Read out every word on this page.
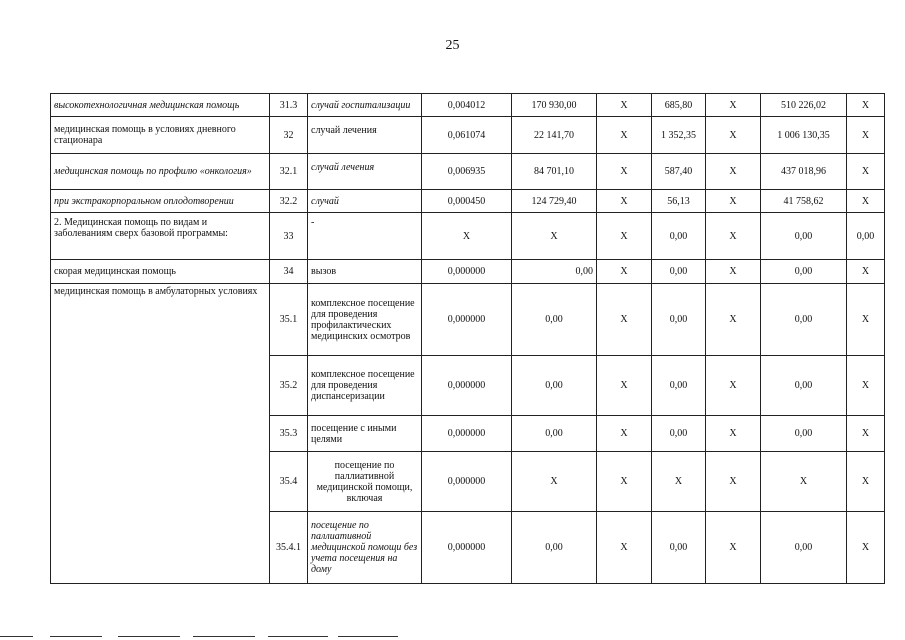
25
высокотехнологичная медицинская помощь	31.3	случай госпитализации	0,004012	170 930,00	Х	685,80	Х	510 226,02	Х
медицинская помощь в условиях дневного стационара	32	случай лечения	0,061074	22 141,70	Х	1 352,35	Х	1 006 130,35	Х
медицинская помощь по профилю «онкология»	32.1	случай лечения	0,006935	84 701,10	Х	587,40	Х	437 018,96	Х
при экстракорпоральном оплодотворении	32.2	случай	0,000450	124 729,40	Х	56,13	Х	41 758,62	Х
2. Медицинская помощь по видам и заболеваниям сверх базовой программы:	33	-	Х	Х	Х	0,00	Х	0,00	0,00
скорая медицинская помощь	34	вызов	0,000000	0,00	Х	0,00	Х	0,00	Х
медицинская помощь в амбулаторных условиях	35.1	комплексное посещение для проведения профилактических медицинских осмотров	0,000000	0,00	Х	0,00	Х	0,00	Х
	35.2	комплексное посещение для проведения диспансеризации	0,000000	0,00	Х	0,00	Х	0,00	Х
	35.3	посещение с иными целями	0,000000	0,00	Х	0,00	Х	0,00	Х
	35.4	посещение по паллиативной медицинской помощи, включая	0,000000	Х	Х	Х	Х	Х	Х
	35.4.1	посещение по паллиативной медицинской помощи без учета посещения на дому	0,000000	0,00	Х	0,00	Х	0,00	Х
